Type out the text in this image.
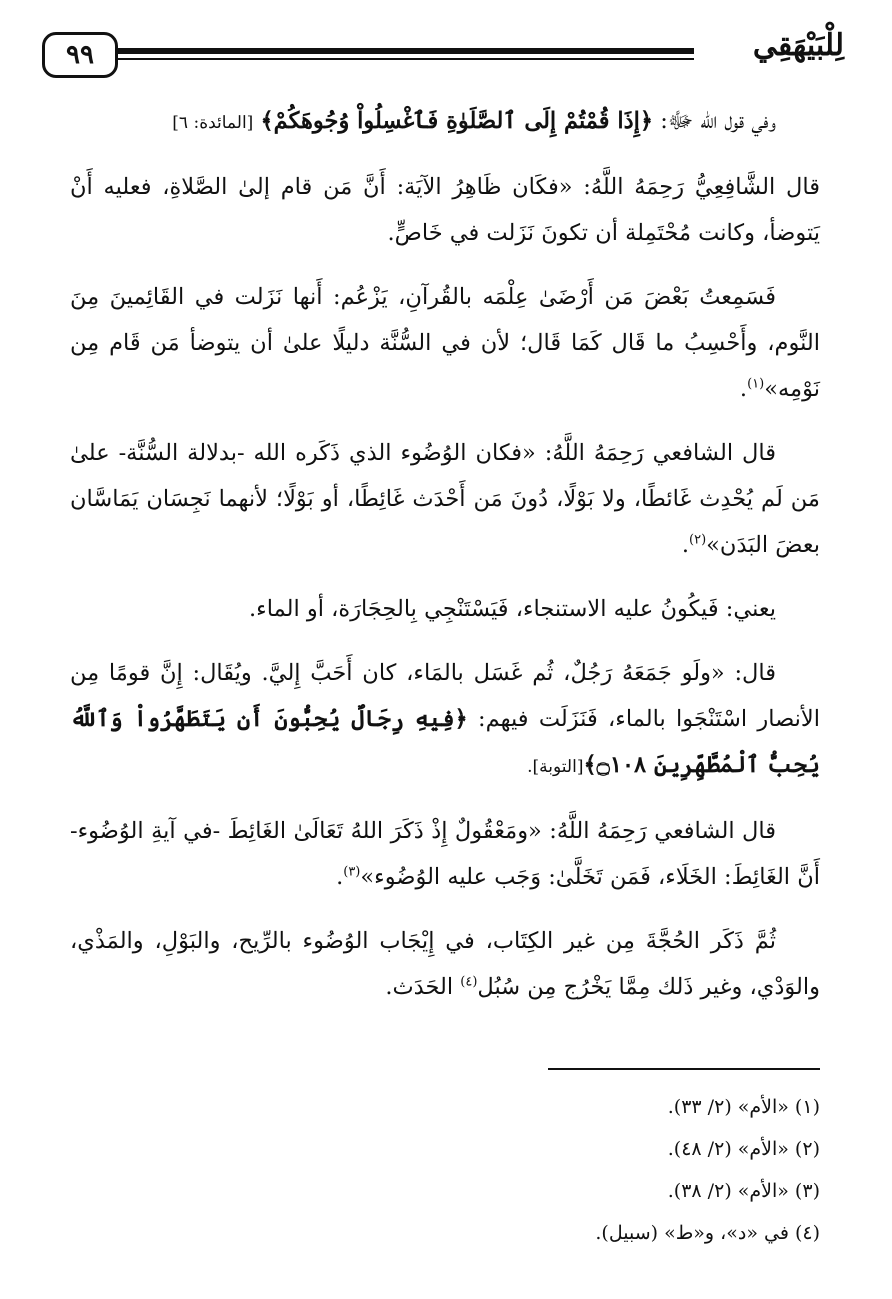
٩٩	لِلْبَيْهَقِي

وفي قول الله ﷻ: ﴿إِذَا قُمْتُمْ إِلَى ٱلصَّلَوٰةِ فَٱغْسِلُواْ وُجُوهَكُمْ﴾ [المائدة: ٦]

قال الشَّافِعِيُّ رَحِمَهُ اللَّهُ: «فكَان ظَاهِرُ الآيَة: أَنَّ مَن قام إلىٰ الصَّلاةِ، فعليه أَنْ يَتوضأ، وكانت مُحْتَمِلة أن تكونَ نَزَلت في خَاصٍّ.

فَسَمِعتُ بَعْضَ مَن أَرْضَىٰ عِلْمَه بالقُرآنِ، يَزْعُم: أَنها نَزَلت في القَائِمينَ مِنَ النَّوم، وأَحْسِبُ ما قَال كَمَا قَال؛ لأن في السُّنَّة دليلًا علىٰ أن يتوضأ مَن قَام مِن نَوْمِه»$^{(١)}$.

قال الشافعي رَحِمَهُ اللَّهُ: «فكان الوُضُوء الذي ذَكَره الله -بدلالة السُّنَّة- علىٰ مَن لَم يُحْدِث غَائطًا، ولا بَوْلًا، دُونَ مَن أَحْدَث غَائِطًا، أو بَوْلًا؛ لأنهما نَجِسَان يَمَاسَّان بعضَ البَدَن»$^{(٢)}$.

يعني: فَيكُونُ عليه الاستنجاء، فَيَسْتَنْجِي بِالحِجَارَة، أو الماء.

قال: «ولَو جَمَعَهُ رَجُلٌ، ثُم غَسَل بالمَاء، كان أَحَبَّ إِليَّ. ويُقَال: إِنَّ قومًا مِن الأنصار اسْتَنْجَوا بالماء، فَنَزَلَت فيهم: ﴿فِيهِ رِجَالٌ يُحِبُّونَ أَن يَتَطَهَّرُواْ وَٱللَّهُ يُحِبُّ ٱلْمُطَّهِّرِينَ ۝١٠٨﴾[التوبة].

قال الشافعي رَحِمَهُ اللَّهُ: «ومَعْقُولٌ إِذْ ذَكَرَ اللهُ تَعَالَىٰ الغَائِطَ -في آيةِ الوُضُوء- أَنَّ الغَائِطَ: الخَلَاء، فَمَن تَخَلَّىٰ: وَجَب عليه الوُضُوء»$^{(٣)}$.

ثُمَّ ذَكَر الحُجَّةَ مِن غير الكِتَاب، في إِيْجَاب الوُضُوء بالرِّيح، والبَوْلِ، والمَذْي، والوَدْي، وغير ذَلك مِمَّا يَخْرُج مِن سُبُل$^{(٤)}$ الحَدَث.

(١) «الأم» (٢/ ٣٣).

(٢) «الأم» (٢/ ٤٨).

(٣) «الأم» (٢/ ٣٨).

(٤) في «د»، و«ط» (سبيل).
